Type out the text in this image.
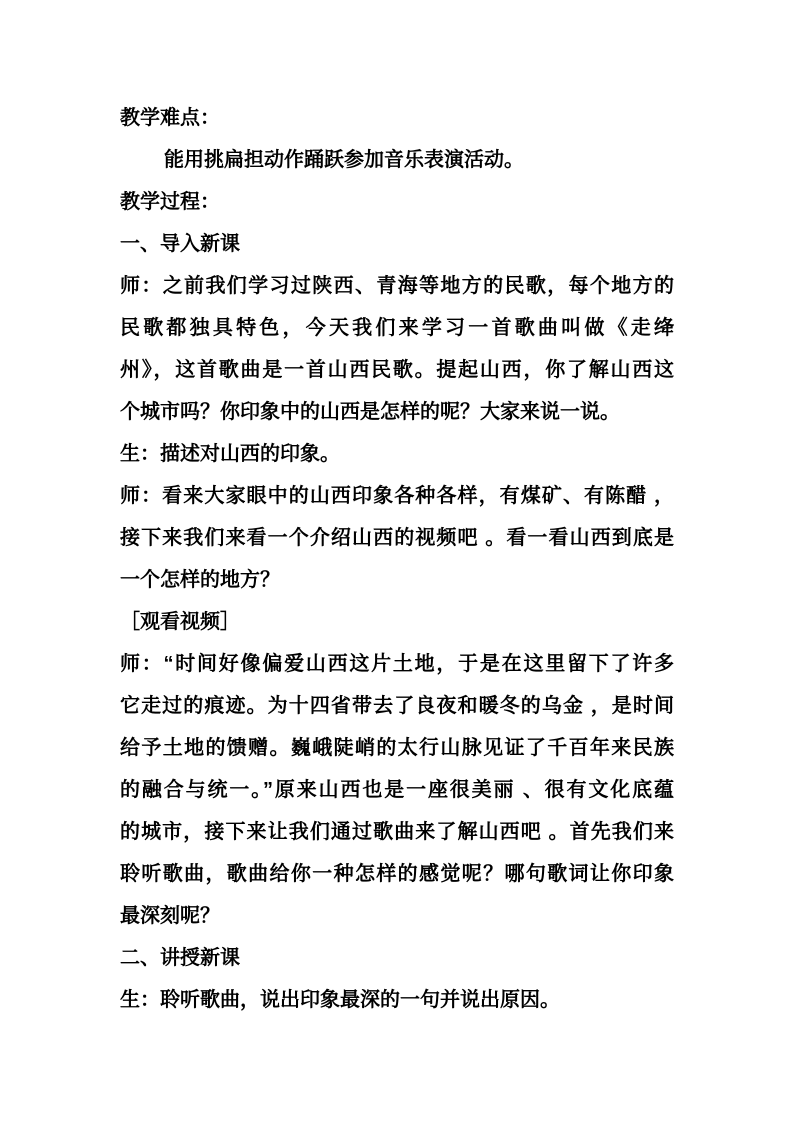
教学难点：
能用挑扁担动作踊跃参加音乐表演活动。
教学过程：
一、导入新课
师：之前我们学习过陕西、青海等地方的民歌，每个地方的
民歌都独具特色，今天我们来学习一首歌曲叫做《走绛
州》，这首歌曲是一首山西民歌。提起山西，你了解山西这
个城市吗？你印象中的山西是怎样的呢？大家来说一说。
生：描述对山西的印象。
师：看来大家眼中的山西印象各种各样，有煤矿、有陈醋 ，
接下来我们来看一个介绍山西的视频吧 。看一看山西到底是
一个怎样的地方？
［观看视频］
师：“时间好像偏爱山西这片土地，于是在这里留下了许多
它走过的痕迹。为十四省带去了良夜和暖冬的乌金 ，是时间
给予土地的馈赠。巍峨陡峭的太行山脉见证了千百年来民族
的融合与统一。”原来山西也是一座很美丽 、很有文化底蕴
的城市，接下来让我们通过歌曲来了解山西吧 。首先我们来
聆听歌曲，歌曲给你一种怎样的感觉呢？哪句歌词让你印象
最深刻呢？
二、讲授新课
生：聆听歌曲，说出印象最深的一句并说出原因。
